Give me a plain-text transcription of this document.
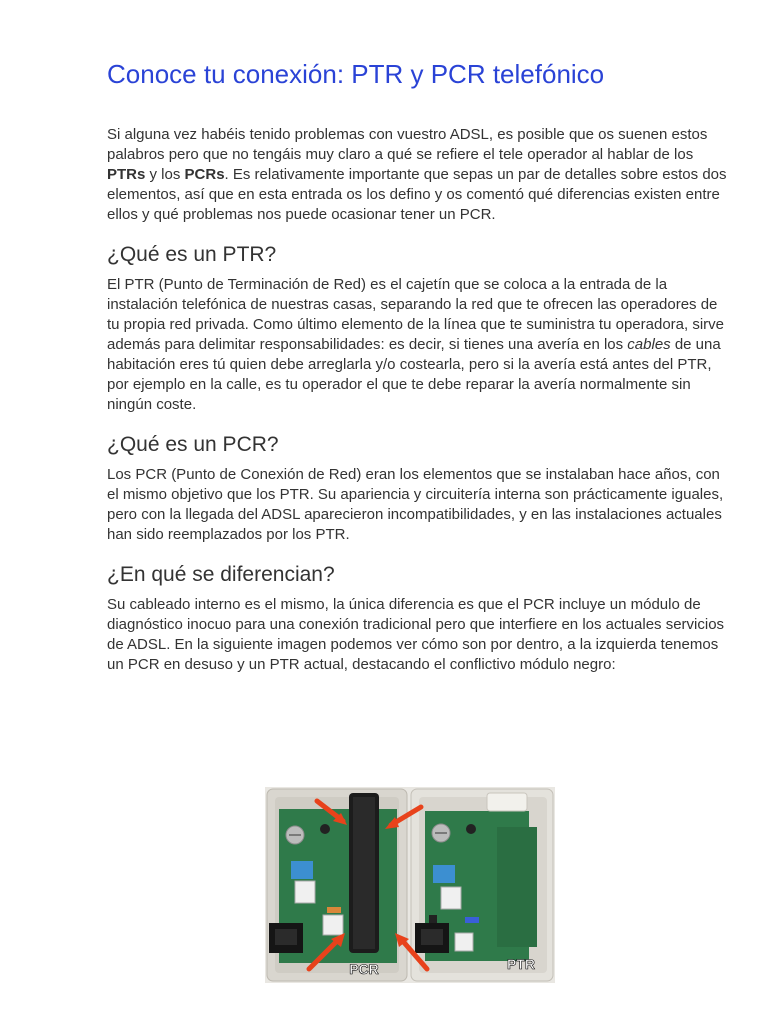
Conoce tu conexión: PTR y PCR telefónico

Si alguna vez habéis tenido problemas con vuestro ADSL, es posible que os suenen estos palabros pero que no tengáis muy claro a qué se refiere el tele operador al hablar de los PTRs y los PCRs. Es relativamente importante que sepas un par de detalles sobre estos dos elementos, así que en esta entrada os los defino y os comentó qué diferencias existen entre ellos y qué problemas nos puede ocasionar tener un PCR.

¿Qué es un PTR?

El PTR (Punto de Terminación de Red) es el cajetín que se coloca a la entrada de la instalación telefónica de nuestras casas, separando la red que te ofrecen las operadores de tu propia red privada. Como último elemento de la línea que te suministra tu operadora, sirve además para delimitar responsabilidades: es decir, si tienes una avería en los cables de una habitación eres tú quien debe arreglarla y/o costearla, pero si la avería está antes del PTR, por ejemplo en la calle, es tu operador el que te debe reparar la avería normalmente sin ningún coste.

¿Qué es un PCR?

Los PCR (Punto de Conexión de Red) eran los elementos que se instalaban hace años, con el mismo objetivo que los PTR. Su apariencia y circuitería interna son prácticamente iguales, pero con la llegada del ADSL aparecieron incompatibilidades, y en las instalaciones actuales han sido reemplazados por los PTR.

¿En qué se diferencian?

Su cableado interno es el mismo, la única diferencia es que el PCR incluye un módulo de diagnóstico inocuo para una conexión tradicional pero que interfiere en los actuales servicios de ADSL. En la siguiente imagen podemos ver cómo son por dentro, a la izquierda tenemos un PCR en desuso y un PTR actual, destacando el conflictivo módulo negro:

PCR	PTR
